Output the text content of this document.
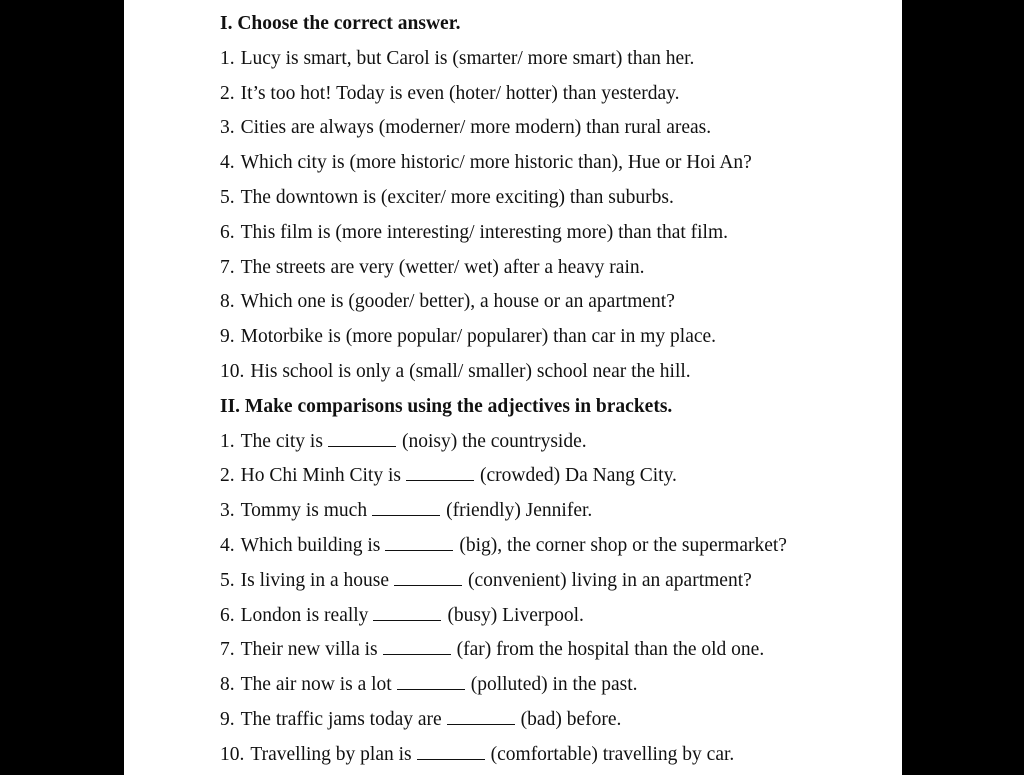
I. Choose the correct answer.
1. Lucy is smart, but Carol is (smarter/ more smart) than her.
2. It’s too hot! Today is even (hoter/ hotter) than yesterday.
3. Cities are always (moderner/ more modern) than rural areas.
4. Which city is (more historic/ more historic than), Hue or Hoi An?
5. The downtown is (exciter/ more exciting) than suburbs.
6. This film is (more interesting/ interesting more) than that film.
7. The streets are very (wetter/ wet) after a heavy rain.
8. Which one is (gooder/ better), a house or an apartment?
9. Motorbike is (more popular/ popularer) than car in my place.
10. His school is only a (small/ smaller) school near the hill.
II. Make comparisons using the adjectives in brackets.
1. The city is	(noisy) the countryside.
2. Ho Chi Minh City is	(crowded) Da Nang City.
3. Tommy is much	(friendly) Jennifer.
4. Which building is	(big), the corner shop or the supermarket?
5. Is living in a house	(convenient) living in an apartment?
6. London is really	(busy) Liverpool.
7. Their new villa is	(far) from the hospital than the old one.
8. The air now is a lot	(polluted) in the past.
9. The traffic jams today are	(bad) before.
10. Travelling by plan is	(comfortable) travelling by car.
